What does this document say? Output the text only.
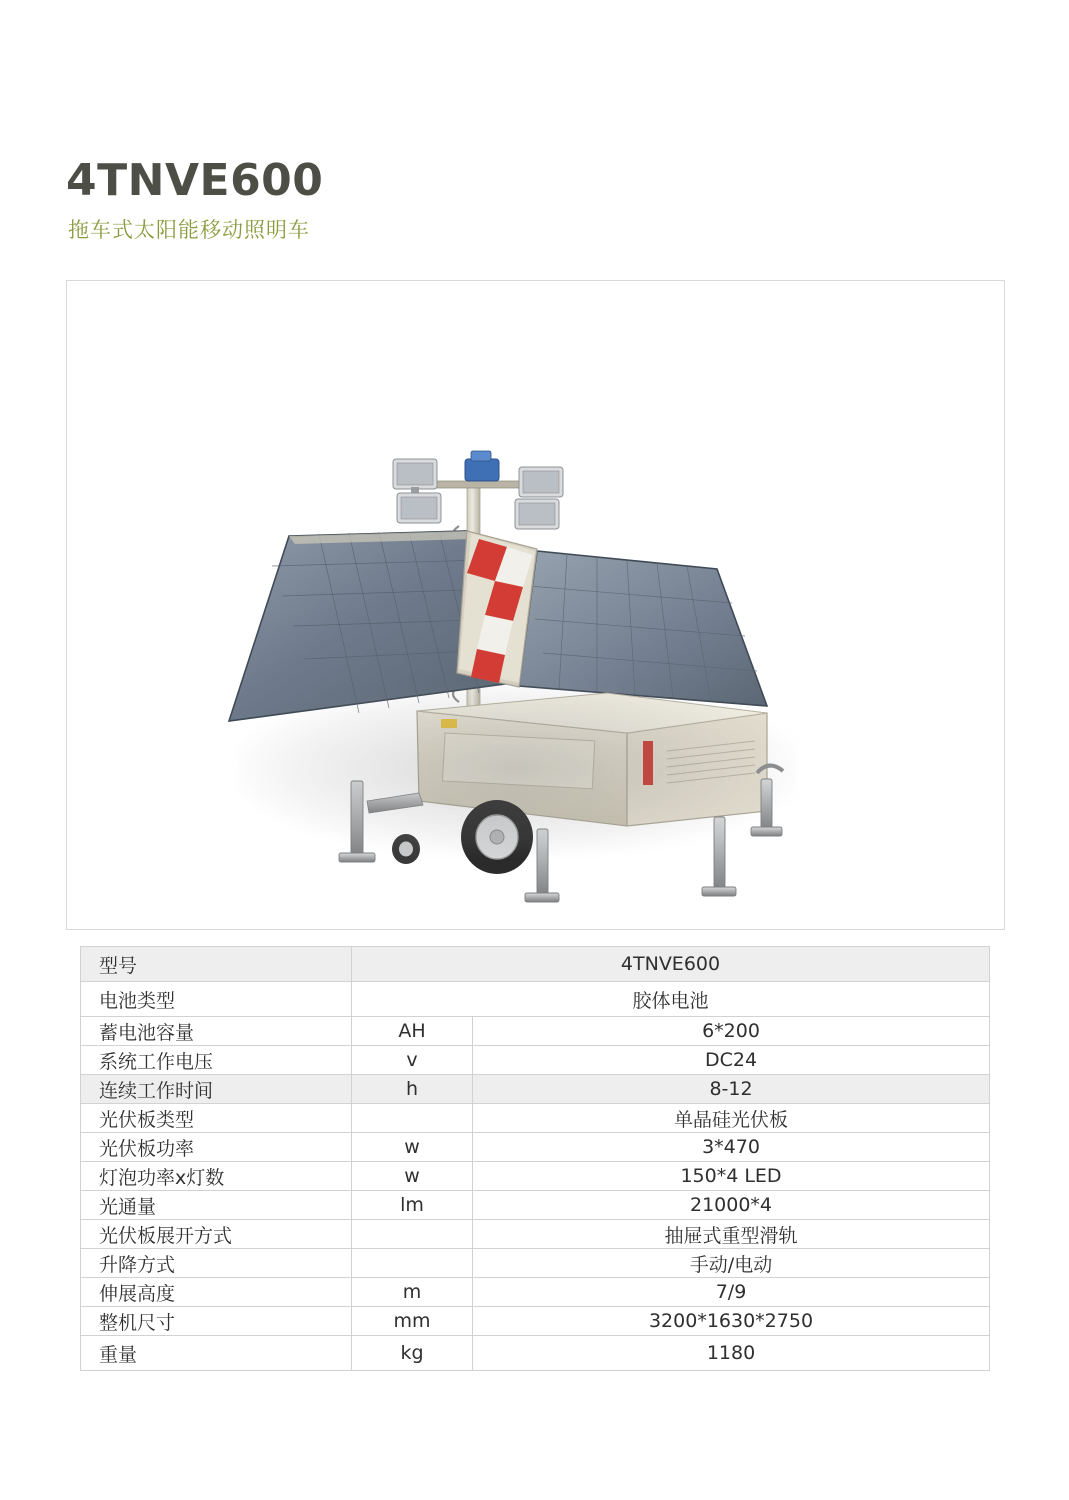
4TNVE600
拖车式太阳能移动照明车
型号	4TNVE600	
电池类型	胶体电池	
蓄电池容量	AH	6*200
系统工作电压	v	DC24
连续工作时间	h	8-12
光伏板类型		单晶硅光伏板
光伏板功率	w	3*470
灯泡功率x灯数	w	150*4 LED
光通量	lm	21000*4
光伏板展开方式		抽屉式重型滑轨
升降方式		手动/电动
伸展高度	m	7/9
整机尺寸	mm	3200*1630*2750
重量	kg	1180
